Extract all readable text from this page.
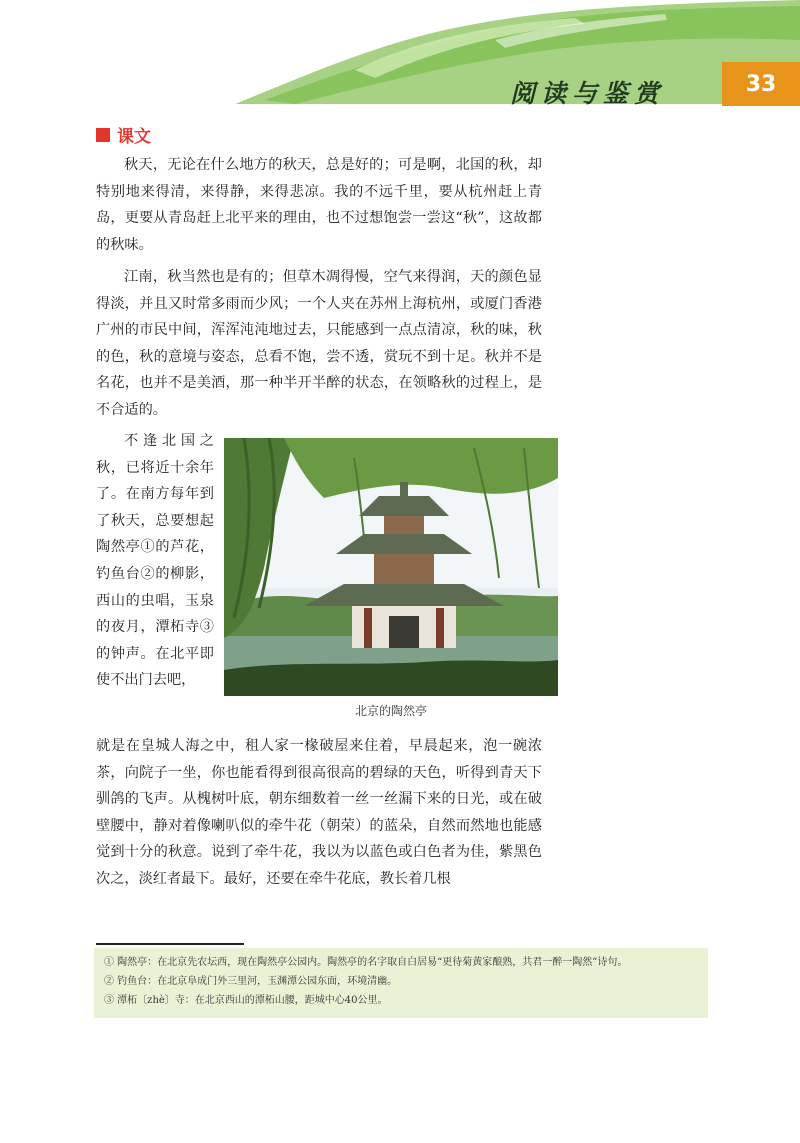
阅读与鉴赏	33
课文

秋天，无论在什么地方的秋天，总是好的；可是啊，北国的秋，却特别地来得清，来得静，来得悲凉。我的不远千里，要从杭州赶上青岛，更要从青岛赶上北平来的理由，也不过想饱尝一尝这“秋”，这故都的秋味。

江南，秋当然也是有的；但草木凋得慢，空气来得润，天的颜色显得淡，并且又时常多雨而少风；一个人夹在苏州上海杭州，或厦门香港广州的市民中间，浑浑沌沌地过去，只能感到一点点清凉，秋的味，秋的色，秋的意境与姿态，总看不饱，尝不透，赏玩不到十足。秋并不是名花，也并不是美酒，那一种半开半醉的状态，在领略秋的过程上，是不合适的。

不逢北国之秋，已将近十余年了。在南方每年到了秋天，总要想起陶然亭①的芦花，钓鱼台②的柳影，西山的虫唱，玉泉的夜月，潭柘寺③的钟声。在北平即使不出门去吧，

就是在皇城人海之中，租人家一椽破屋来住着，早晨起来，泡一碗浓茶，向院子一坐，你也能看得到很高很高的碧绿的天色，听得到青天下驯鸽的飞声。从槐树叶底，朝东细数着一丝一丝漏下来的日光，或在破壁腰中，静对着像喇叭似的牵牛花（朝荣）的蓝朵，自然而然地也能感觉到十分的秋意。说到了牵牛花，我以为以蓝色或白色者为佳，紫黑色次之，淡红者最下。最好，还要在牵牛花底，教长着几根

北京的陶然亭
① 陶然亭：在北京先农坛西，现在陶然亭公园内。陶然亭的名字取自白居易“更待菊黄家酿熟，共君一醉一陶然”诗句。
② 钓鱼台：在北京阜成门外三里河，玉渊潭公园东面，环境清幽。
③ 潭柘〔zhè〕寺：在北京西山的潭柘山腰，距城中心40公里。
